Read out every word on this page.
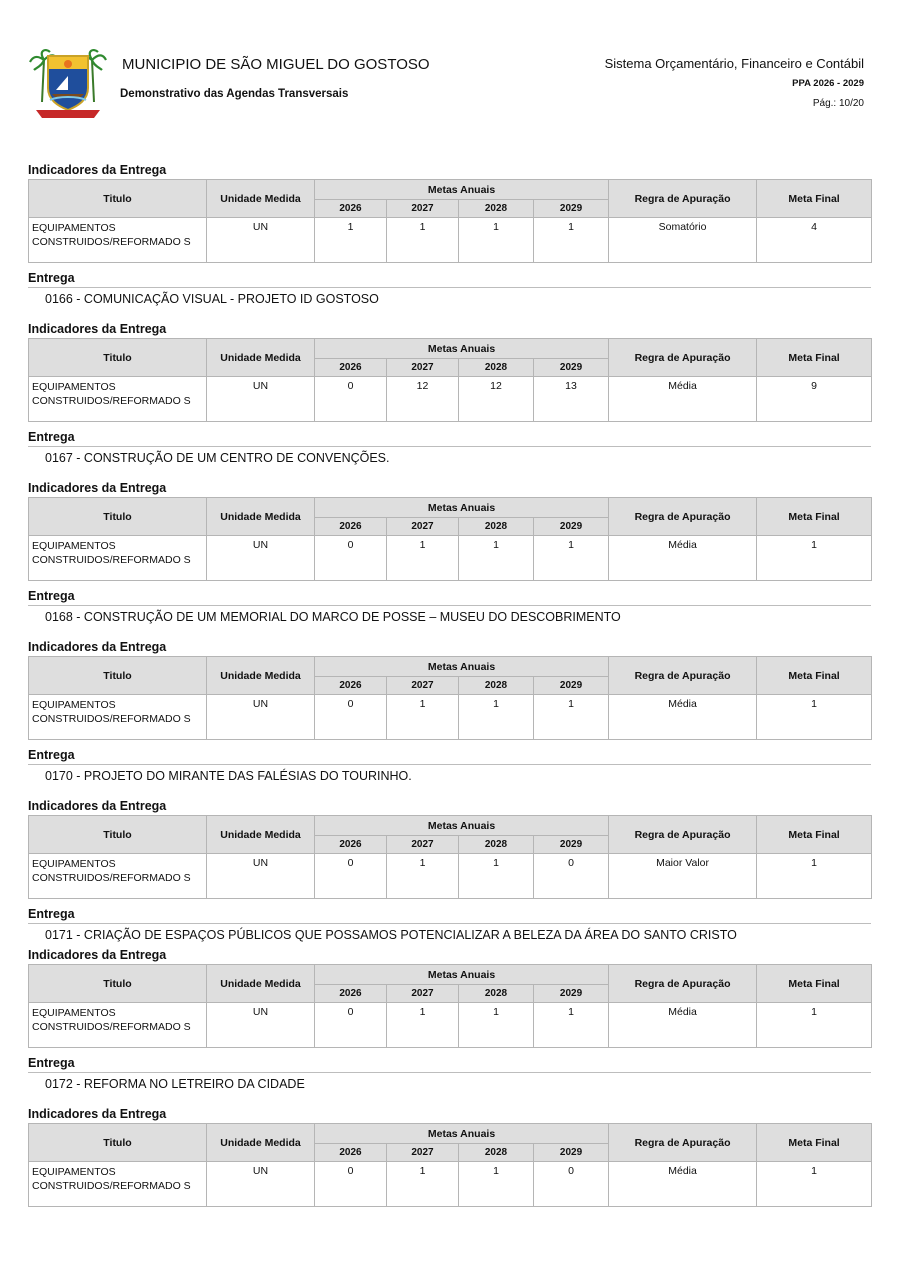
MUNICIPIO DE SÃO MIGUEL DO GOSTOSO
Demonstrativo das Agendas Transversais
Sistema Orçamentário, Financeiro e Contábil
PPA 2026 - 2029
Pág.: 10/20
Indicadores da Entrega
Titulo	Unidade Medida	Metas Anuais				Regra de Apuração	Meta Final
		2026	2027	2028	2029		
EQUIPAMENTOS CONSTRUIDOS/REFORMADO S	UN	1	1	1	1	Somatório	4
Entrega
0166 - COMUNICAÇÃO VISUAL - PROJETO ID GOSTOSO
Indicadores da Entrega
Titulo	Unidade Medida	Metas Anuais				Regra de Apuração	Meta Final
		2026	2027	2028	2029		
EQUIPAMENTOS CONSTRUIDOS/REFORMADO S	UN	0	12	12	13	Média	9
Entrega
0167 - CONSTRUÇÃO DE UM CENTRO DE CONVENÇÕES.
Indicadores da Entrega
Titulo	Unidade Medida	Metas Anuais				Regra de Apuração	Meta Final
		2026	2027	2028	2029		
EQUIPAMENTOS CONSTRUIDOS/REFORMADO S	UN	0	1	1	1	Média	1
Entrega
0168 - CONSTRUÇÃO DE UM MEMORIAL DO MARCO DE POSSE – MUSEU DO DESCOBRIMENTO
Indicadores da Entrega
Titulo	Unidade Medida	Metas Anuais				Regra de Apuração	Meta Final
		2026	2027	2028	2029		
EQUIPAMENTOS CONSTRUIDOS/REFORMADO S	UN	0	1	1	1	Média	1
Entrega
0170 - PROJETO DO MIRANTE DAS FALÉSIAS DO TOURINHO.
Indicadores da Entrega
Titulo	Unidade Medida	Metas Anuais				Regra de Apuração	Meta Final
		2026	2027	2028	2029		
EQUIPAMENTOS CONSTRUIDOS/REFORMADO S	UN	0	1	1	0	Maior Valor	1
Entrega
0171 - CRIAÇÃO DE ESPAÇOS PÚBLICOS QUE POSSAMOS POTENCIALIZAR A BELEZA DA ÁREA DO SANTO CRISTO
Indicadores da Entrega
Titulo	Unidade Medida	Metas Anuais				Regra de Apuração	Meta Final
		2026	2027	2028	2029		
EQUIPAMENTOS CONSTRUIDOS/REFORMADO S	UN	0	1	1	1	Média	1
Entrega
0172 - REFORMA NO LETREIRO DA CIDADE
Indicadores da Entrega
Titulo	Unidade Medida	Metas Anuais				Regra de Apuração	Meta Final
		2026	2027	2028	2029		
EQUIPAMENTOS CONSTRUIDOS/REFORMADO S	UN	0	1	1	0	Média	1
